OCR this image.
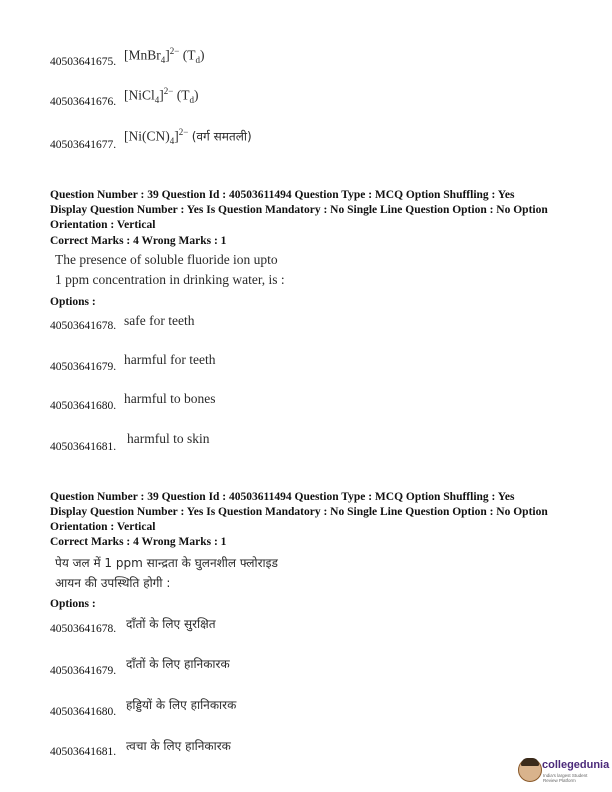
40503641675. [MnBr$_4$]$^{2-}$ $(T_d)$
40503641676. [NiCl$_4$]$^{2-}$ $(T_d)$
40503641677.
$[Ni(CN)_4]^{2-}$ (वर्ग समतली)
Question Number : 39 Question Id : 40503611494 Question Type : MCQ Option Shuffling : Yes
Display Question Number : Yes Is Question Mandatory : No Single Line Question Option : No Option
Orientation : Vertical
Correct Marks : 4 Wrong Marks : 1
The presence of soluble fluoride ion upto
1 ppm concentration in drinking water, is :
Options :
40503641678. safe for teeth
40503641679. harmful for teeth
40503641680. harmful to bones
40503641681.
harmful to skin
Question Number : 39 Question Id : 40503611494 Question Type : MCQ Option Shuffling : Yes
Display Question Number : Yes Is Question Mandatory : No Single Line Question Option : No Option
Orientation : Vertical
Correct Marks : 4 Wrong Marks : 1
पेय जल में 1 ppm सान्द्रता के घुलनशील फ्लोराइड
आयन की उपस्थिति होगी :
Options :
40503641678. दाँतों के लिए सुरक्षित
40503641679. दाँतों के लिए हानिकारक
40503641680. हड्डियों के लिए हानिकारक
40503641681. त्वचा के लिए हानिकारक
collegedunia
India's largest Student Review Platform
